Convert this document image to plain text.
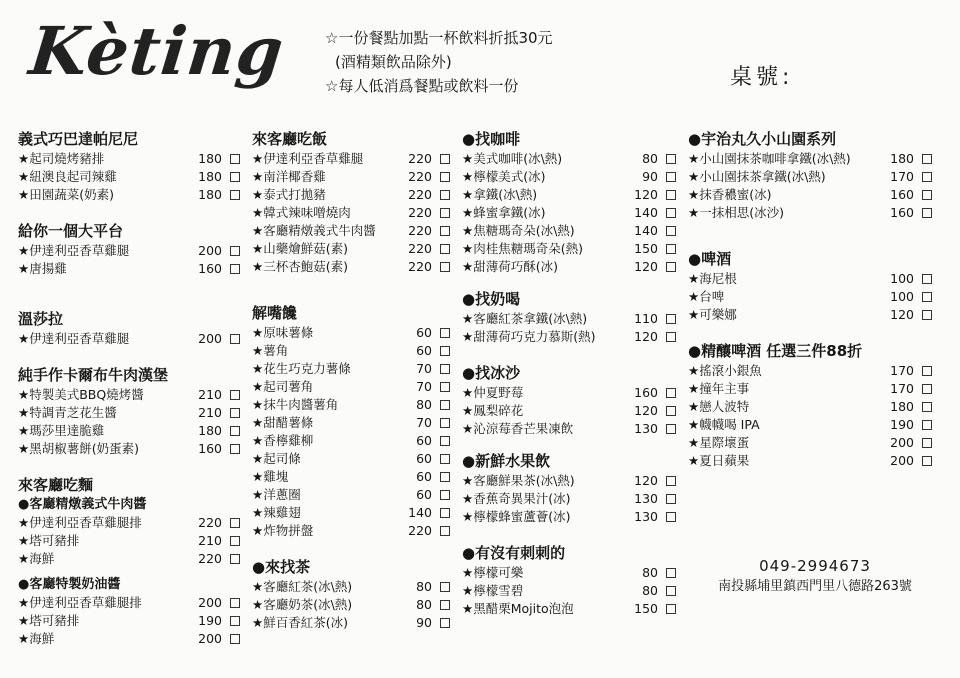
Kèting ☆一份餐點加點一杯飲料折抵30元
(酒精類飲品除外)
☆每人低消爲餐點或飲料一份	桌號:
義式巧巴達帕尼尼
★起司燒烤豬排	180
★紐澳良起司辣雞	180
★田園蔬菜(奶素)	180
給你一個大平台
★伊達利亞香草雞腿	200
★唐揚雞	160
溫莎拉
★伊達利亞香草雞腿	200
純手作卡爾布牛肉漢堡
★特製美式BBQ燒烤醬	210
★特調青芝花生醬	210
★瑪莎里達脆雞	180
★黑胡椒薯餅(奶蛋素)	160
來客廳吃麵
●客廳精燉義式牛肉醬
★伊達利亞香草雞腿排	220
★塔可豬排	210
★海鮮	220
●客廳特製奶油醬
★伊達利亞香草雞腿排	200
★塔可豬排	190
★海鮮	200
來客廳吃飯
★伊達利亞香草雞腿	220
★南洋椰香雞	220
★泰式打拋豬	220
★韓式辣味噌燒肉	220
★客廳精燉義式牛肉醬	220
★山藥燴鮮菇(素)	220
★三杯杏鮑菇(素)	220
解嘴饞
★原味薯條	60
★薯角	60
★花生巧克力薯條	70
★起司薯角	70
★抹牛肉醬薯角	80
★甜醋薯條	70
★香檸雞柳	60
★起司條	60
★雞塊	60
★洋蔥圈	60
★辣雞翅	140
★炸物拼盤	220
●來找茶
★客廳紅茶(冰\熱)	80
★客廳奶茶(冰\熱)	80
★鮮百香紅茶(冰)	90
●找咖啡
★美式咖啡(冰\熱)	80
★檸檬美式(冰)	90
★拿鐵(冰\熱)	120
★蜂蜜拿鐵(冰)	140
★焦糖瑪奇朵(冰\熱)	140
★肉桂焦糖瑪奇朵(熱)	150
★甜薄荷巧酥(冰)	120
●找奶喝
★客廳紅茶拿鐵(冰\熱)	110
★甜薄荷巧克力慕斯(熱)	120
●找冰沙
★仲夏野莓	160
★鳳梨碎花	120
★沁涼莓香芒果凍飲	130
●新鮮水果飲
★客廳鮮果茶(冰\熱)	120
★香蕉奇異果汁(冰)	130
★檸檬蜂蜜蘆薈(冰)	130
●有沒有刺刺的
★檸檬可樂	80
★檸檬雪碧	80
★黑醋栗Mojito泡泡	150
●宇治丸久小山園系列
★小山園抹茶咖啡拿鐵(冰\熱)	180
★小山園抹茶拿鐵(冰\熱)	170
★抹香穠蜜(冰)	160
★一抹相思(冰沙)	160
●啤酒
★海尼根	100
★台啤	100
★可樂娜	120
●精釀啤酒 任選三件88折
★搖滾小銀魚	170
★撞年主事	170
★戀人波特	180
★幭幭喝 IPA	190
★星際壞蛋	200
★夏日蘋果	200
049-2994673
南投縣埔里鎮西門里八德路263號
